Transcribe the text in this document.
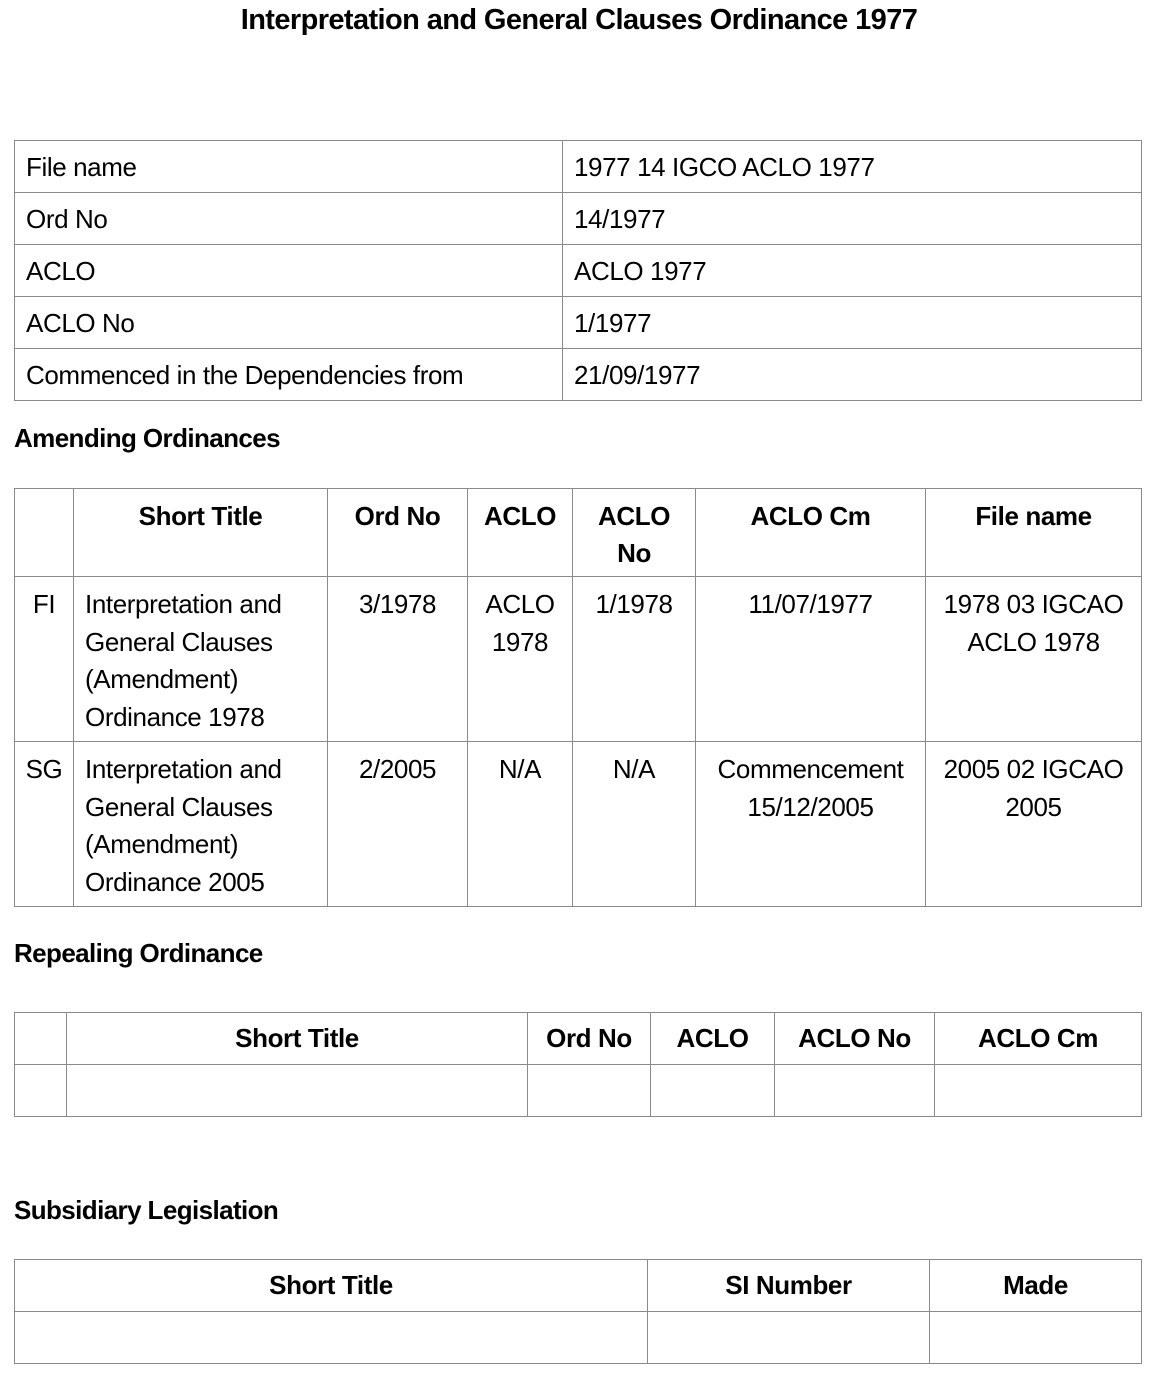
Interpretation and General Clauses Ordinance 1977
File name	1977 14 IGCO ACLO 1977
Ord No	14/1977
ACLO	ACLO 1977
ACLO No	1/1977
Commenced in the Dependencies from	21/09/1977
Amending Ordinances
	Short Title	Ord No	ACLO	ACLO No	ACLO Cm	File name
FI	Interpretation and General Clauses (Amendment) Ordinance 1978	3/1978	ACLO 1978	1/1978	11/07/1977	1978 03 IGCAO ACLO 1978
SG	Interpretation and General Clauses (Amendment) Ordinance 2005	2/2005	N/A	N/A	Commencement 15/12/2005	2005 02 IGCAO 2005
Repealing Ordinance
	Short Title	Ord No	ACLO	ACLO No	ACLO Cm

Subsidiary Legislation
Short Title	SI Number	Made
